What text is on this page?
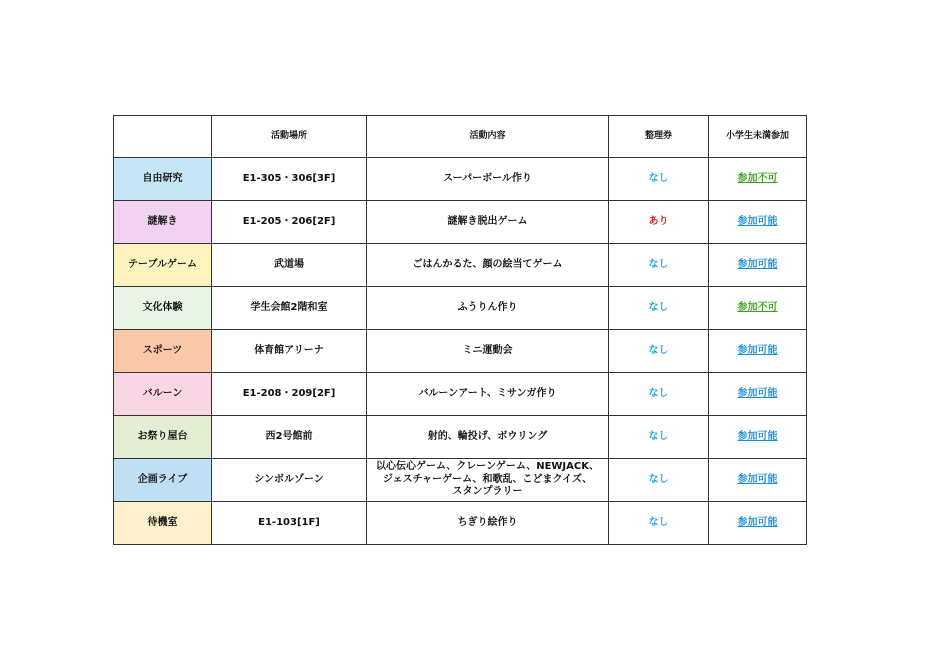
	活動場所	活動内容	整理券	小学生未満参加
自由研究	E1-305・306[3F]	スーパーボール作り	なし	参加不可
謎解き	E1-205・206[2F]	謎解き脱出ゲーム	あり	参加可能
テーブルゲーム	武道場	ごはんかるた、顔の絵当てゲーム	なし	参加可能
文化体験	学生会館2階和室	ふうりん作り	なし	参加不可
スポーツ	体育館アリーナ	ミニ運動会	なし	参加可能
バルーン	E1-208・209[2F]	バルーンアート、ミサンガ作り	なし	参加可能
お祭り屋台	西2号館前	射的、輪投げ、ボウリング	なし	参加可能
企画ライブ	シンボルゾーン	以心伝心ゲーム、クレーンゲーム、NEWJACK、
ジェスチャーゲーム、和歌乱、こどまクイズ、
スタンプラリー	なし	参加可能
待機室	E1-103[1F]	ちぎり絵作り	なし	参加可能
